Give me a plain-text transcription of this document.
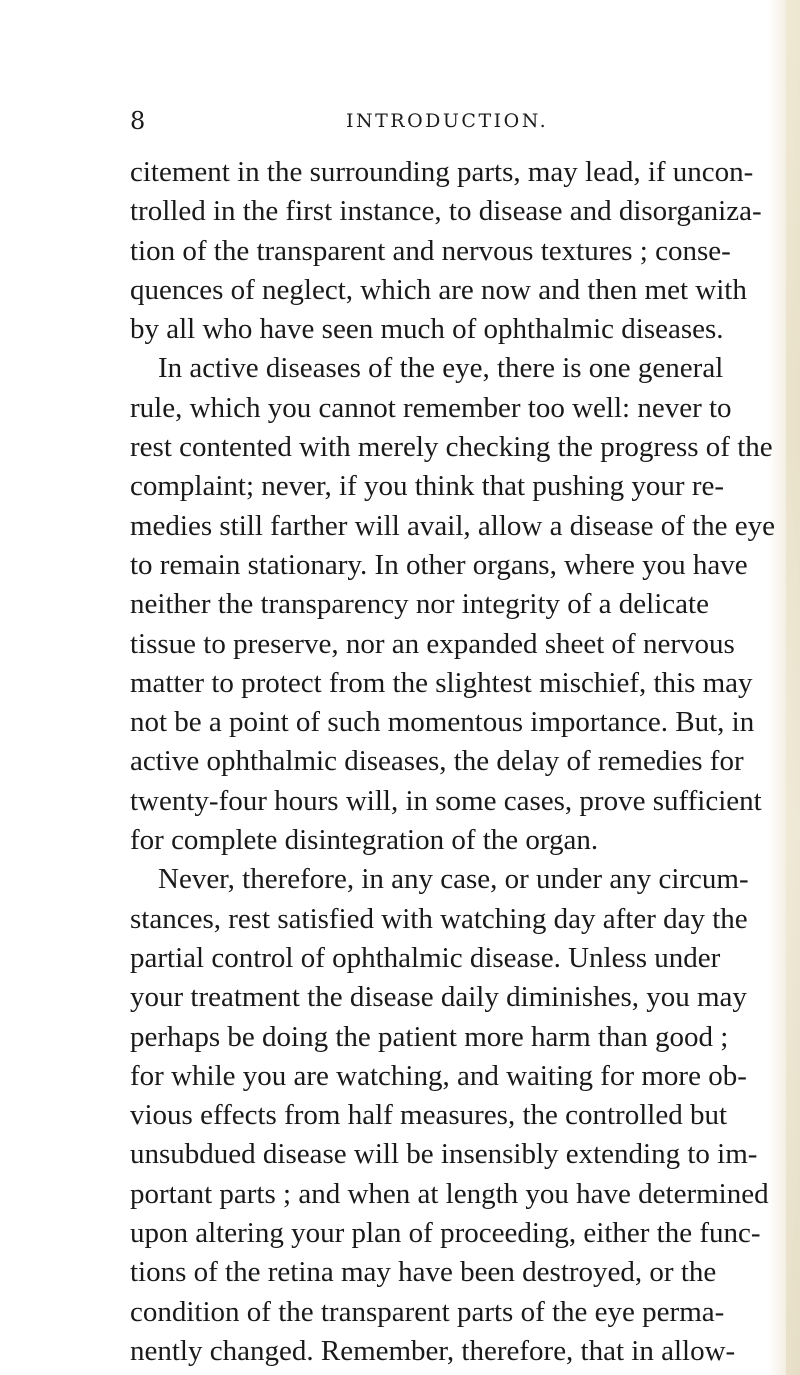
8	INTRODUCTION.
citement in the surrounding parts, may lead, if uncon-
trolled in the first instance, to disease and disorganiza-
tion of the transparent and nervous textures ; conse-
quences of neglect, which are now and then met with
by all who have seen much of ophthalmic diseases.
In active diseases of the eye, there is one general
rule, which you cannot remember too well: never to
rest contented with merely checking the progress of the
complaint; never, if you think that pushing your re-
medies still farther will avail, allow a disease of the eye
to remain stationary. In other organs, where you have
neither the transparency nor integrity of a delicate
tissue to preserve, nor an expanded sheet of nervous
matter to protect from the slightest mischief, this may
not be a point of such momentous importance. But, in
active ophthalmic diseases, the delay of remedies for
twenty-four hours will, in some cases, prove sufficient
for complete disintegration of the organ.
Never, therefore, in any case, or under any circum-
stances, rest satisfied with watching day after day the
partial control of ophthalmic disease. Unless under
your treatment the disease daily diminishes, you may
perhaps be doing the patient more harm than good ;
for while you are watching, and waiting for more ob-
vious effects from half measures, the controlled but
unsubdued disease will be insensibly extending to im-
portant parts ; and when at length you have determined
upon altering your plan of proceeding, either the func-
tions of the retina may have been destroyed, or the
condition of the transparent parts of the eye perma-
nently changed. Remember, therefore, that in allow-
